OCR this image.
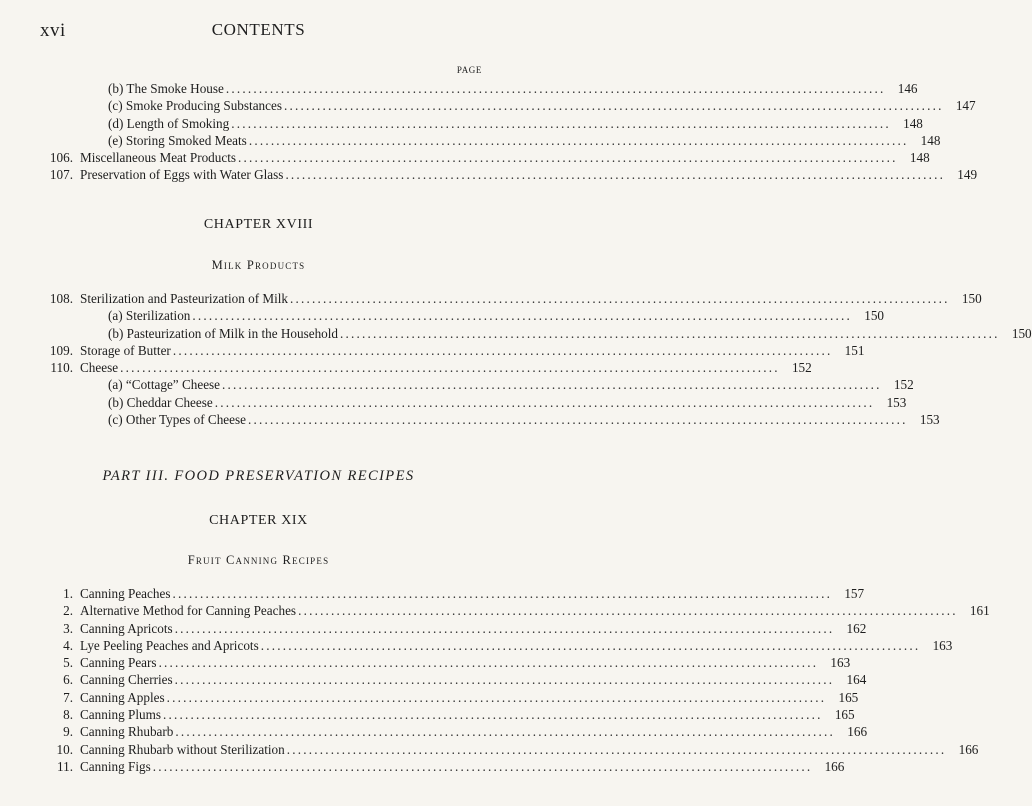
xvi	CONTENTS
PAGE
(b) The Smoke House ........................................................................................................................ 146
(c) Smoke Producing Substances ........................................................................................................................ 147
(d) Length of Smoking ........................................................................................................................ 148
(e) Storing Smoked Meats ........................................................................................................................ 148
106. Miscellaneous Meat Products ........................................................................................................................ 148
107. Preservation of Eggs with Water Glass ........................................................................................................................ 149
CHAPTER XVIII
Milk Products
108. Sterilization and Pasteurization of Milk ........................................................................................................................ 150
(a) Sterilization ........................................................................................................................ 150
(b) Pasteurization of Milk in the Household ........................................................................................................................ 150
109. Storage of Butter ........................................................................................................................ 151
110. Cheese ........................................................................................................................ 152
(a) “Cottage” Cheese ........................................................................................................................ 152
(b) Cheddar Cheese ........................................................................................................................ 153
(c) Other Types of Cheese ........................................................................................................................ 153
PART III. FOOD PRESERVATION RECIPES
CHAPTER XIX
Fruit Canning Recipes
1. Canning Peaches ........................................................................................................................ 157
2. Alternative Method for Canning Peaches ........................................................................................................................ 161
3. Canning Apricots ........................................................................................................................ 162
4. Lye Peeling Peaches and Apricots ........................................................................................................................ 163
5. Canning Pears ........................................................................................................................ 163
6. Canning Cherries ........................................................................................................................ 164
7. Canning Apples ........................................................................................................................ 165
8. Canning Plums ........................................................................................................................ 165
9. Canning Rhubarb ........................................................................................................................ 166
10. Canning Rhubarb without Sterilization ........................................................................................................................ 166
11. Canning Figs ........................................................................................................................ 166
